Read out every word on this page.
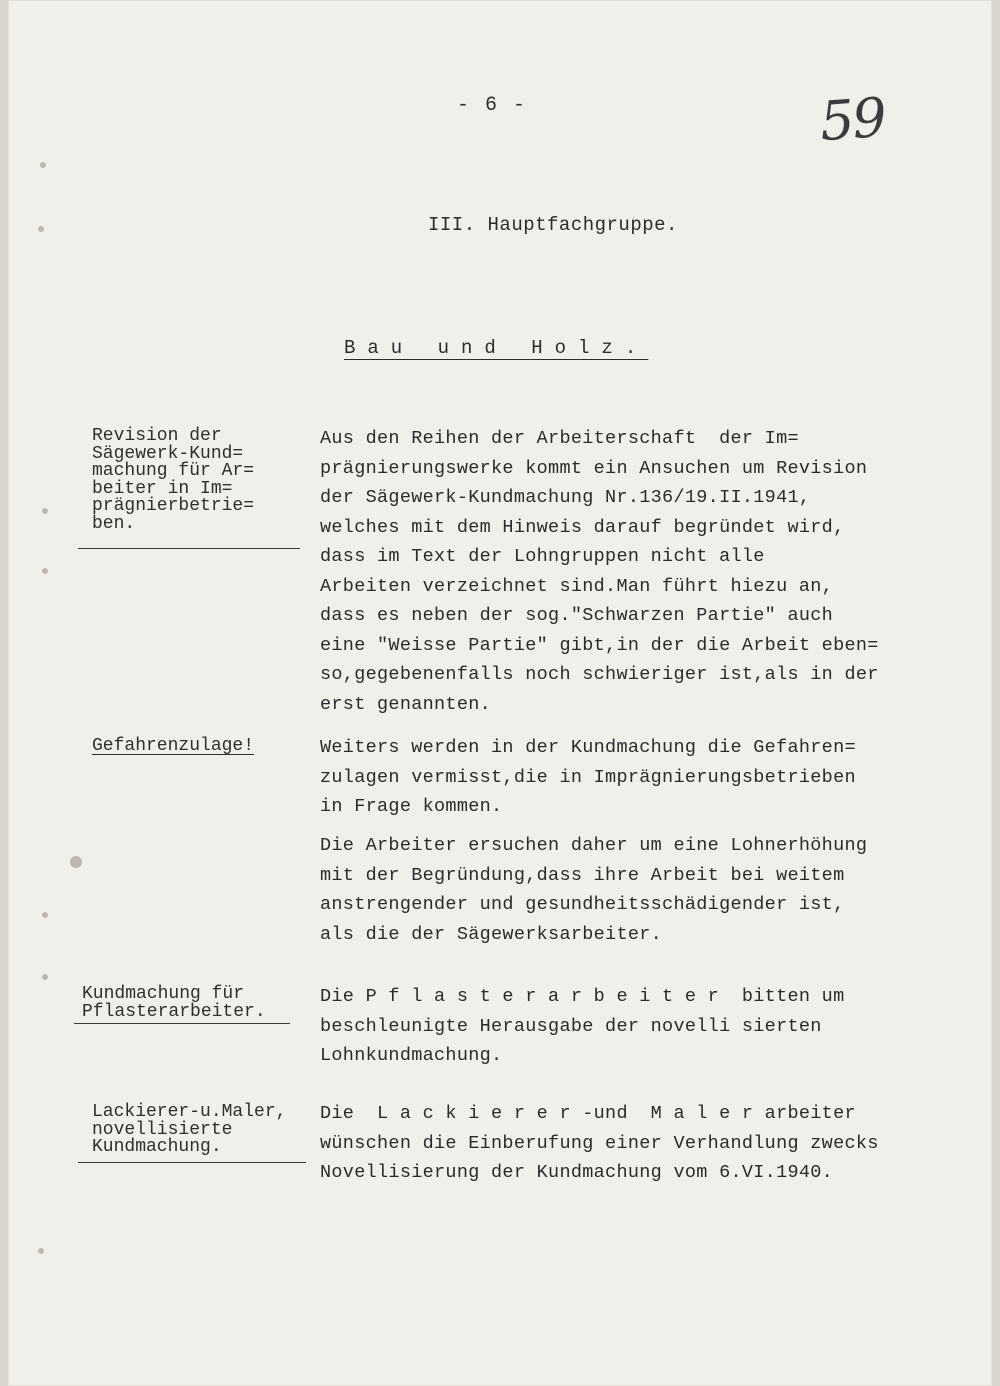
- 6 -	59
III. Hauptfachgruppe.
Bau und Holz.
Revision der
Sägewerk-Kund=
machung für Ar=
beiter in Im=
prägnierbetrie=
ben.
Aus den Reihen der Arbeiterschaft  der Im=
prägnierungswerke kommt ein Ansuchen um Revision
der Sägewerk-Kundmachung Nr.136/19.II.1941,
welches mit dem Hinweis darauf begründet wird,
dass im Text der Lohngruppen nicht alle
Arbeiten verzeichnet sind.Man führt hiezu an,
dass es neben der sog."Schwarzen Partie" auch
eine "Weisse Partie" gibt,in der die Arbeit eben=
so,gegebenenfalls noch schwieriger ist,als in der
erst genannten.
Gefahrenzulage!	Weiters werden in der Kundmachung die Gefahren=
zulagen vermisst,die in Imprägnierungsbetrieben
in Frage kommen.
Die Arbeiter ersuchen daher um eine Lohnerhöhung
mit der Begründung,dass ihre Arbeit bei weitem
anstrengender und gesundheitsschädigender ist,
als die der Sägewerksarbeiter.
Kundmachung für
Pflasterarbeiter.
Die P f l a s t e r a r b e i t e r  bitten um
beschleunigte Herausgabe der novelli sierten
Lohnkundmachung.
Lackierer-u.Maler,
novellisierte
Kundmachung.
Die  L a c k i e r e r -und  M a l e r arbeiter
wünschen die Einberufung einer Verhandlung zwecks
Novellisierung der Kundmachung vom 6.VI.1940.
